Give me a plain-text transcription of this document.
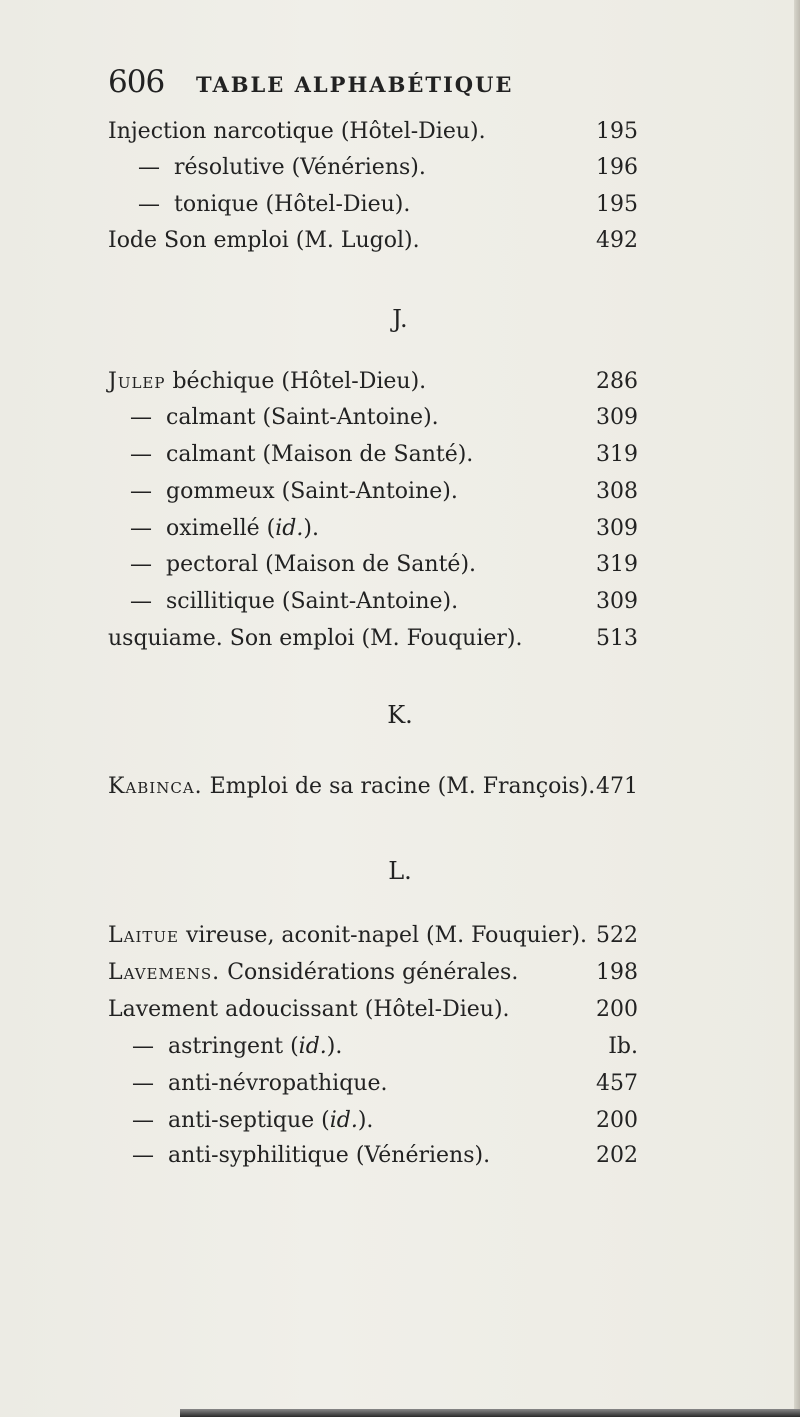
606 TABLE ALPHABÉTIQUE
Injection narcotique (Hôtel-Dieu).	195
— résolutive (Vénériens).	196
— tonique (Hôtel-Dieu).	195
Iode Son emploi (M. Lugol).	492
J.
Julep béchique (Hôtel-Dieu).	286
— calmant (Saint-Antoine).	309
— calmant (Maison de Santé).	319
— gommeux (Saint-Antoine).	308
— oximellé (id.).	309
— pectoral (Maison de Santé).	319
— scillitique (Saint-Antoine).	309
usquiame. Son emploi (M. Fouquier).	513
K.
Kabinca. Emploi de sa racine (M. François). 471
L.
Laitue vireuse, aconit-napel (M. Fouquier). 522
Lavemens. Considérations générales.	198
Lavement adoucissant (Hôtel-Dieu).	200
— astringent (id.).	Ib.
— anti-névropathique.	457
— anti-septique (id.).	200
— anti-syphilitique (Vénériens).	202
